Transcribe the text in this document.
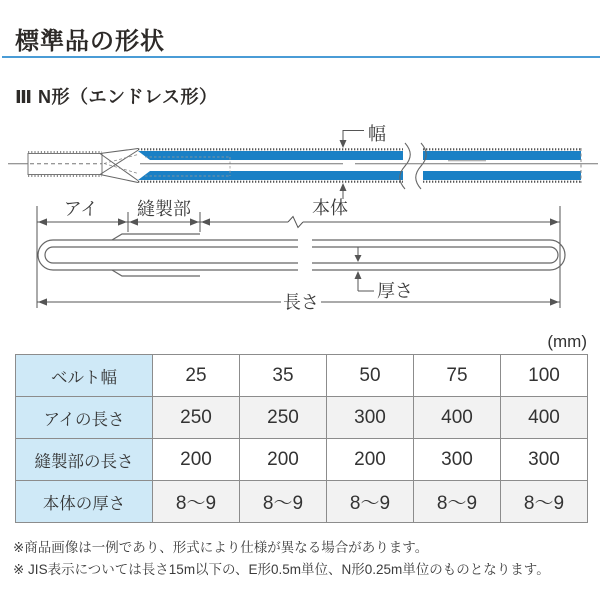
標準品の形状
Ⅲ N形（エンドレス形）
幅
アイ 縫製部	本体
厚さ
長さ
(mm)
ベルト幅	25	35	50	75	100
アイの長さ	250	250	300	400	400
縫製部の長さ	200	200	200	300	300
本体の厚さ	8～9	8～9	8～9	8～9	8～9
※商品画像は一例であり、形式により仕様が異なる場合があります。
※ JIS表示については長さ15m以下の、E形0.5m単位、N形0.25m単位のものとなります。
